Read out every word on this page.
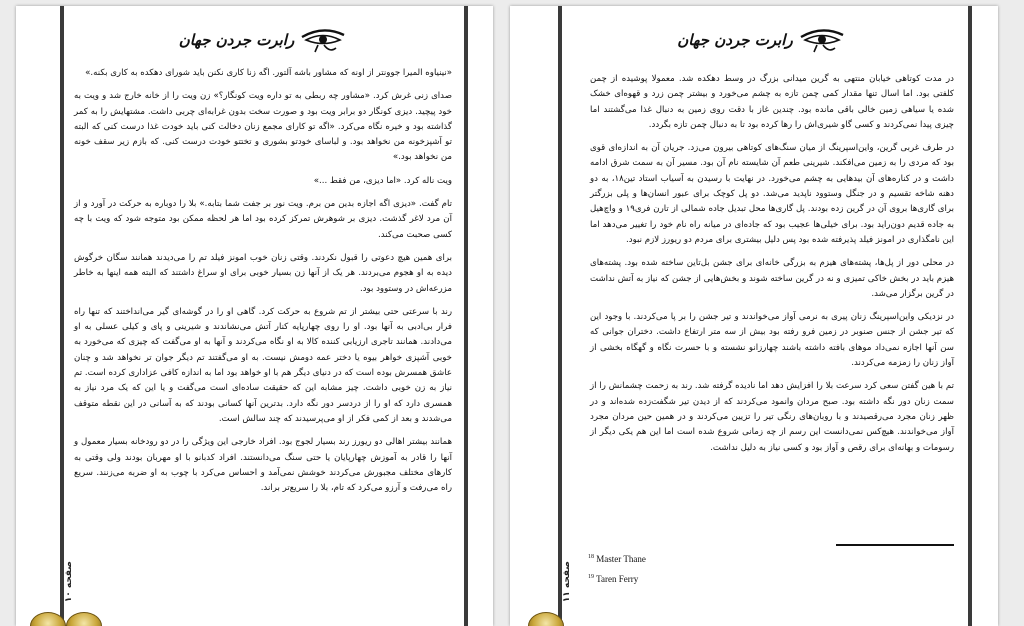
رابرت جردن جهان

«نینیاوه المیرا جوونتر از اونه که مشاور باشه آلتور. اگه زنا کاری نکنن باید شورای دهکده به کاری بکنه.»

صدای زنی غرش کرد. «مشاور چه ربطی به تو داره ویت کونگار؟» زن ویت را از خانه خارج شد و ویت به خود پیچید. دیزی کونگار دو برابر ویت بود و صورت سخت بدون غرابه‌ای چربی داشت. مشتهایش را به کمر گذاشته بود و خیره نگاه می‌کرد. «اگه تو کارای مجمع زنان دخالت کنی باید خودت غذا درست کنی که البته تو آشپزخونه من نخواهد بود. و لباسای خودتو بشوری و تختتو خودت درست کنی. که بازم زیر سقف خونه من نخواهد بود.»

ویت ناله کرد. «اما دیزی، من فقط ...»

تام گفت. «دیزی اگه اجازه بدین من برم. ویت نور بر جفت شما بتابه.» بلا را دوباره به حرکت در آورد و از آن مرد لاغر گذشت. دیزی بر شوهرش تمرکز کرده بود اما هر لحظه ممکن بود متوجه شود که ویت با چه کسی صحبت می‌کند.

برای همین هیچ دعوتی را قبول نکردند. وقتی زنان خوب امونز فیلد تم را می‌دیدند همانند سگان خرگوش دیده به او هجوم می‌بردند. هر یک از آنها زن بسیار خوبی برای او سراغ داشتند که البته همه اینها به خاطر مزرعه‌اش در وستوود بود.

رند با سرعتی حتی بیشتر از تم شروع به حرکت کرد. گاهی او را در گوشه‌ای گیر می‌انداختند که تنها راه فرار بی‌ادبی به آنها بود. او را روی چهارپایه کنار آتش می‌نشاندند و شیرینی و پای و کیلی عسلی به او می‌دادند. همانند تاجری ارزیابی کننده کالا به او نگاه می‌کردند و آنها به او می‌گفت که چیزی که می‌خورد به خوبی آشپزی خواهر بیوه یا دختر عمه دومش نیست. به او می‌گفتند تم دیگر جوان تر نخواهد شد و چنان عاشق همسرش بوده است که در دنیای دیگر هم با او خواهد بود اما به اندازه کافی عزاداری کرده است. تم نیاز به زن خوبی داشت. چیز مشابه این که حقیقت ساده‌ای است می‌گفت و یا این که یک مرد نیاز به همسری دارد که او را از دردسر دور نگه دارد. بدترین آنها کسانی بودند که به آسانی در این نقطه متوقف می‌شدند و بعد از کمی فکر از او می‌پرسیدند که چند سالش است.

همانند بیشتر اهالی دو ریورز رند بسیار لجوج بود. افراد خارجی این ویژگی را در دو رودخانه بسیار معمول و آنها را قادر به آموزش چهارپایان یا حتی سنگ می‌دانستند. افراد کدبانو با او مهربان بودند ولی وقتی به کارهای مختلف مجبورش می‌کردند خوشش نمی‌آمد و احساس می‌کرد با چوب به او ضربه می‌زنند. سریع راه می‌رفت و آرزو می‌کرد که تام، بلا را سریع‌تر براند.

صفحه ۱۰
رابرت جردن جهان

در مدت کوتاهی خیابان منتهی به گرین میدانی بزرگ در وسط دهکده شد. معمولا پوشیده از چمن کلفتی بود. اما اسال تنها مقدار کمی چمن تازه به چشم می‌خورد و بیشتر چمن زرد و قهوه‌ای خشک شده یا سیاهی زمین خالی باقی مانده بود. چندین غاز با دقت روی زمین به دنبال غذا می‌گشتند اما چیزی پیدا نمی‌کردند و کسی گاو شیری‌اش را رها کرده بود تا به دنبال چمن تازه بگردد.

در طرف غربی گرین، واین‌اسپرینگ از میان سنگ‌های کوتاهی بیرون می‌زد. جریان آن به اندازه‌ای قوی بود که مردی را به زمین می‌افکند. شیرینی طعم آن شایسته نام آن بود. مسیر آن به سمت شرق ادامه داشت و در کناره‌های آن بیدهایی به چشم می‌خورد. در نهایت با رسیدن به آسیاب استاد تین۱۸، به دو دهنه شاخه تقسیم و در جنگل وستوود ناپدید می‌شد. دو پل کوچک برای عبور انسان‌ها و پلی بزرگتر برای گاری‌ها بروی آن در گرین زده بودند. پل گاری‌ها محل تبدیل جاده شمالی از تارن فری۱۹ و واچ‌هیل به جاده قدیم دون‌راید بود. برای خیلی‌ها عجیب بود که جاده‌ای در میانه راه نام خود را تغییر می‌دهد اما این نامگذاری در امونز فیلد پذیرفته شده بود پس دلیل بیشتری برای مردم دو ریورز لازم نبود.

در محلی دور از پل‌ها، پشته‌های هیزم به بزرگی خانه‌ای برای جشن بل‌تاین ساخته شده بود. پشته‌های هیزم باید در بخش خاکی تمیزی و نه در گرین ساخته شوند و بخش‌هایی از جشن که نیاز به آتش نداشت در گرین برگزار می‌شد.

در نزدیکی واین‌اسپرینگ زنان پیری به نرمی آواز می‌خواندند و تیر جشن را بر پا می‌کردند. با وجود این که تیر جشن از جنس صنوبر در زمین فرو رفته بود بیش از سه متر ارتفاع داشت. دختران جوانی که سن آنها اجازه نمی‌داد موهای بافته داشته باشند چهارزانو نشسته و با حسرت نگاه و گهگاه بخشی از آواز زنان را زمزمه می‌کردند.

تم با هین گفتن سعی کرد سرعت بلا را افزایش دهد اما نادیده گرفته شد. رند به زحمت چشمانش را از سمت زنان دور نگه داشته بود. صبح مردان وانمود می‌کردند که از دیدن تیر شگفت‌زده شده‌اند و در ظهر زنان مجرد می‌رقصیدند و با روبان‌های رنگی تیر را تزیین می‌کردند و در همین حین مردان مجرد آواز می‌خواندند. هیچ‌کس نمی‌دانست این رسم از چه زمانی شروع شده است اما این هم یکی دیگر از رسومات و بهانه‌ای برای رقص و آواز بود و کسی نیاز به دلیل نداشت.

$^{18}$ Master Thane
$^{19}$ Taren Ferry
صفحه ۱۱
